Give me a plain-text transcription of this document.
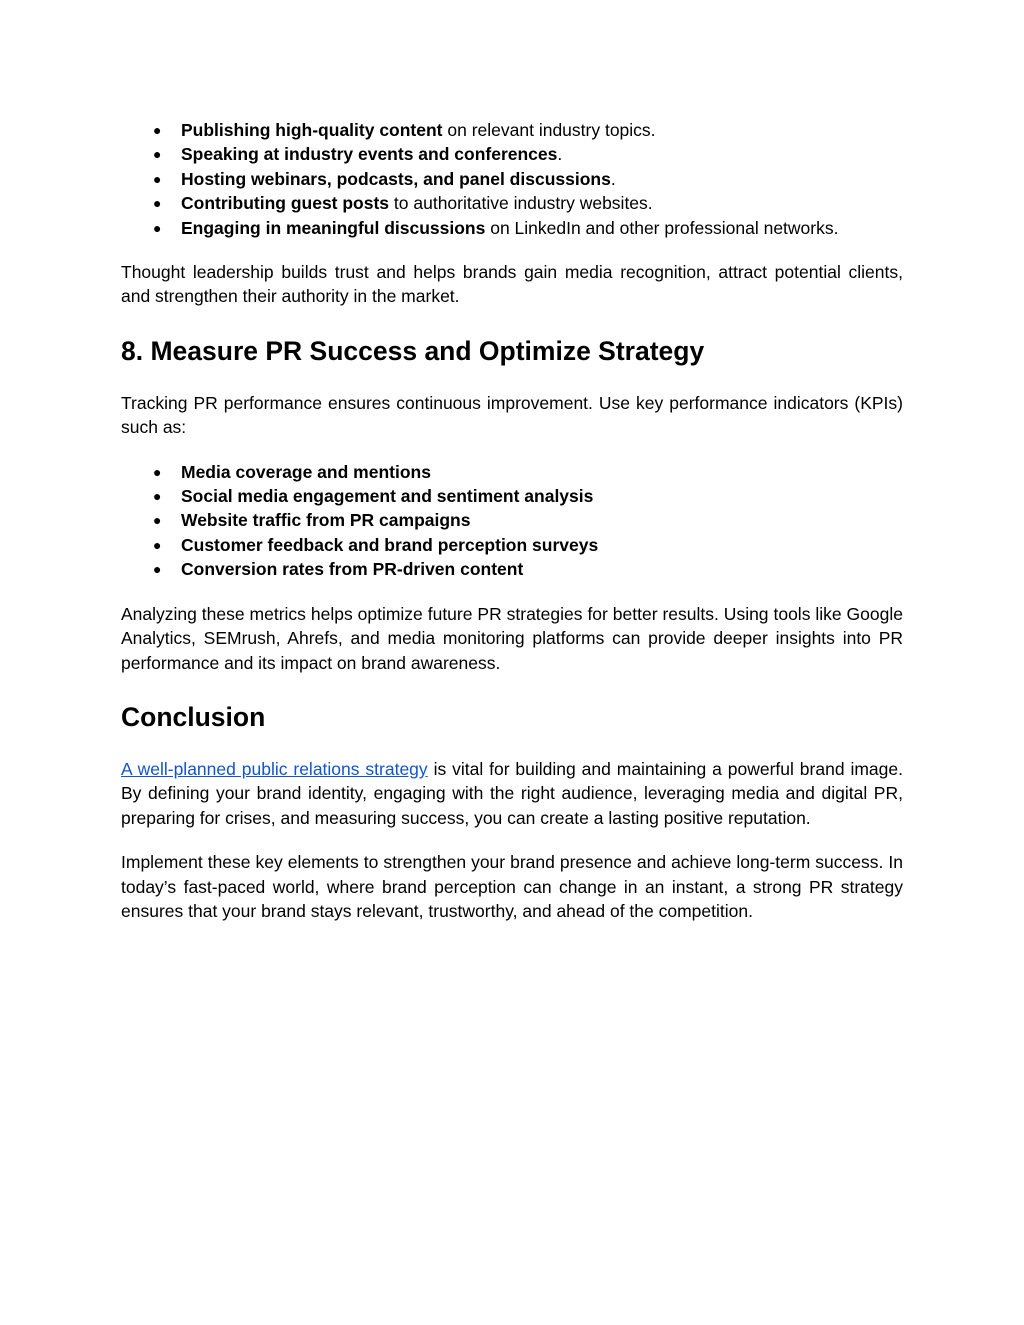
● Publishing high-quality content on relevant industry topics.
● Speaking at industry events and conferences.
● Hosting webinars, podcasts, and panel discussions.
● Contributing guest posts to authoritative industry websites.
● Engaging in meaningful discussions on LinkedIn and other professional networks.

Thought leadership builds trust and helps brands gain media recognition, attract potential clients, and strengthen their authority in the market.

8. Measure PR Success and Optimize Strategy

Tracking PR performance ensures continuous improvement. Use key performance indicators (KPIs) such as:

● Media coverage and mentions
● Social media engagement and sentiment analysis
● Website traffic from PR campaigns
● Customer feedback and brand perception surveys
● Conversion rates from PR-driven content

Analyzing these metrics helps optimize future PR strategies for better results. Using tools like Google Analytics, SEMrush, Ahrefs, and media monitoring platforms can provide deeper insights into PR performance and its impact on brand awareness.

Conclusion

A well-planned public relations strategy is vital for building and maintaining a powerful brand image. By defining your brand identity, engaging with the right audience, leveraging media and digital PR, preparing for crises, and measuring success, you can create a lasting positive reputation.

Implement these key elements to strengthen your brand presence and achieve long-term success. In today’s fast-paced world, where brand perception can change in an instant, a strong PR strategy ensures that your brand stays relevant, trustworthy, and ahead of the competition.
